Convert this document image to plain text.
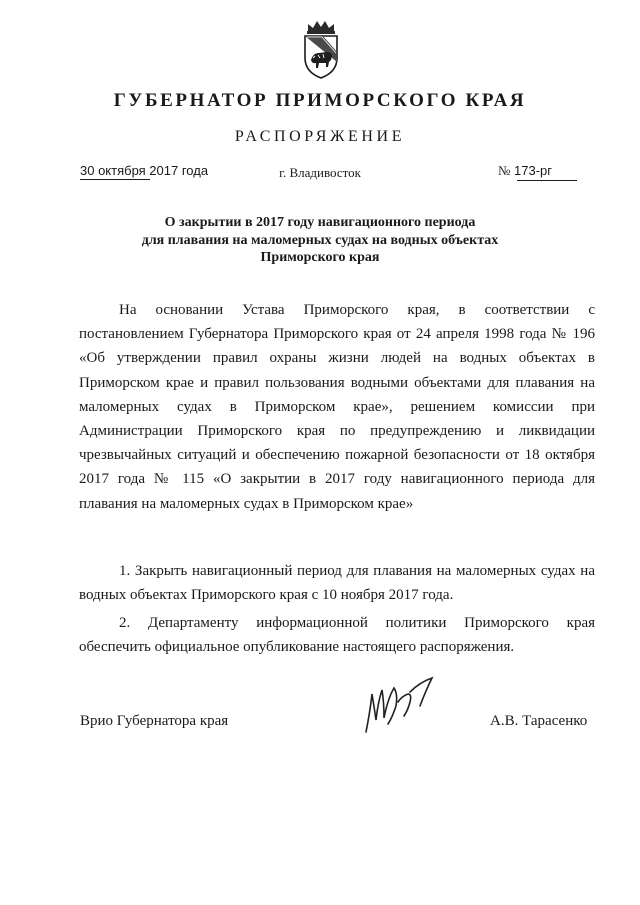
ГУБЕРНАТОР ПРИМОРСКОГО КРАЯ
РАСПОРЯЖЕНИЕ
30 октября 2017 года	г. Владивосток	№ 173-рг
О закрытии в 2017 году навигационного периода
для плавания на маломерных судах на водных объектах
Приморского края
На основании Устава Приморского края, в соответствии с
постановлением Губернатора Приморского края от 24 апреля 1998 года № 196
«Об утверждении правил охраны жизни людей на водных объектах в
Приморском крае и правил пользования водными объектами для плавания на
маломерных судах в Приморском крае», решением комиссии при
Администрации Приморского края по предупреждению и ликвидации
чрезвычайных ситуаций и обеспечению пожарной безопасности от 18 октября
2017 года № 115 «О закрытии в 2017 году навигационного периода для
плавания на маломерных судах в Приморском крае»
1. Закрыть навигационный период для плавания на маломерных судах на
водных объектах Приморского края с 10 ноября 2017 года.
2. Департаменту информационной политики Приморского края
обеспечить официальное опубликование настоящего распоряжения.
Врио Губернатора края	А.В. Тарасенко
